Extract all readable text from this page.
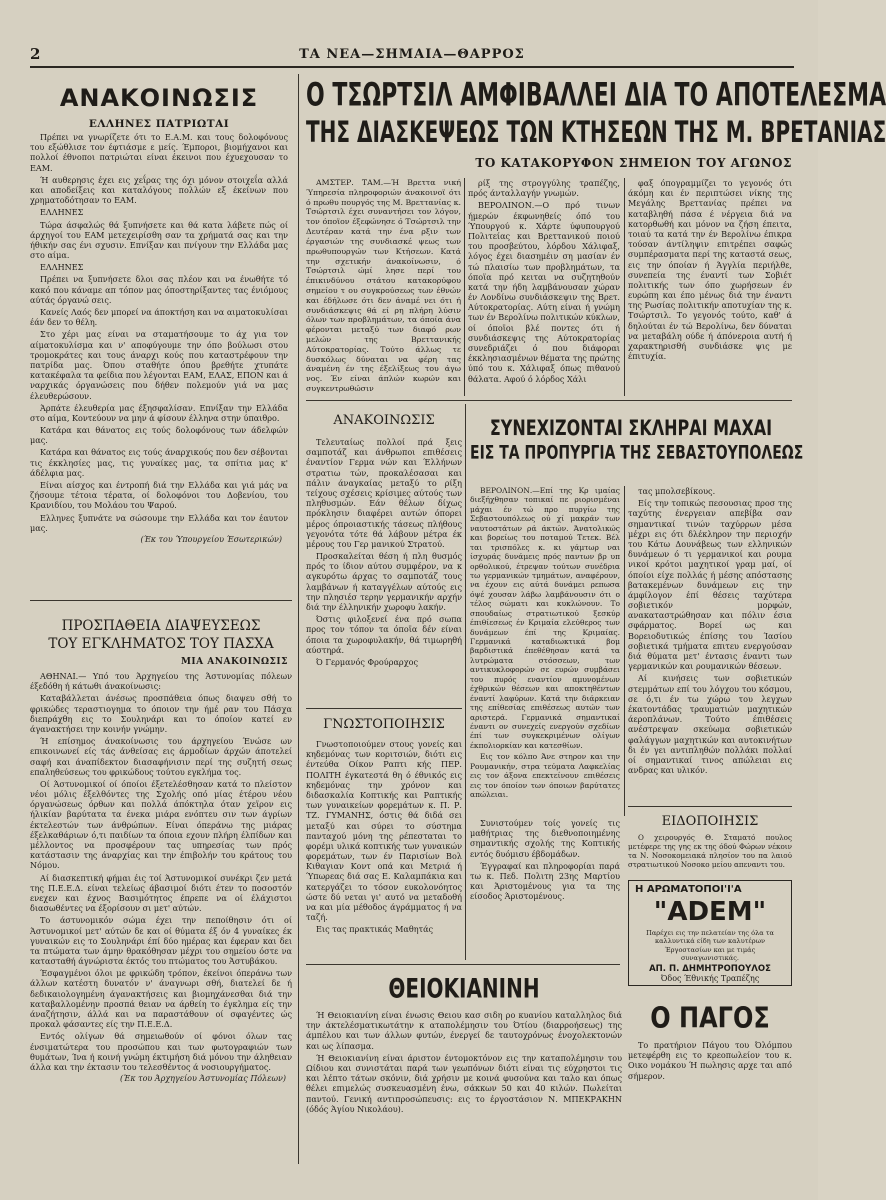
2	ΤΑ ΝΕΑ—ΣΗΜΑΙΑ—ΘΑΡΡΟΣ
ΑΝΑΚΟΙΝΩΣΙΣ
ΕΛΛΗΝΕΣ ΠΑΤΡΙΩΤΑΙ

Πρέπει να γνωρίζετε ότι το Ε.Α.Μ. και τους δολοφόνους του εξώθλισε τον έφτιάσμε ε μείς. Έμποροι, βιομήχανοι και πολλοί έθνοποι πατριώται είναι έκεινοι που έχυεχουσαν το ΕΑΜ.

Ή αυθερησις έχει εις χεΐρας της όχι μόνον στοιχεΐα αλλά και αποδείξεις και καταλόγους πολλών εξ έκείνων που χρηματοδότησαν το ΕΑΜ.

ΕΛΛΗΝΕΣ

Τώρα άσφαλώς θά ξυπνήσετε και θά κατα λάβετε πώς οί άρχηγοί του ΕΑΜ μετεχειρίσθη σαν τα χρήματά σας και την ήθικήν σας ένι σχυσιν. Επνίξαν και πνίγουν την Ελλάδα μας στο αίμα.

ΕΛΛΗΝΕΣ

Πρέπει να ξυπνήσετε δλοι σας πλέον και να ένωθήτε τό κακό που κάναμε απ τόπον μας όποστηρίξαντες τας ένιόμους αύτάς όργανώ σεις.

Κανείς Λαός δεν μπορεί να άποκτήση και να αιματοκυλίσαι έάν δεν το θέλη.

Στο χέρι μας είναι να σταματήσουμε το άχ για τον αίματοκυλίσμα και ν' αποφύγουμε την όπο βούλωσι στου τρομοκράτες και τους άναρχι κούς που καταστρέφουν την πατρίδα μας. Όπου σταθήτε όπου βρεθήτε χτυπάτε κατακέφαλα τα φείδια που λέγονται ΕΑΜ, ΕΛΑΣ, ΕΠΟΝ και ά ναρχικάς όργανώσεις που δήθεν πολεμούν γιά να μας έλευθερώσουν.

Άρπάτε έλευθερία μας έξησφαλίσαν. Επνίξαν την Ελλάδα στο αίμα, Κοντεύουν να μην ά φίσουν έλληνα στην ύπαιθρο.

Κατάρα και θάνατος εις τούς δολοφόνους των άδελφών μας.

Κατάρα και θάνατος εις τούς άναρχικούς που δεν σέβονται τις έκκλησίες μας, τις γυναίκες μας, τα σπίτια μας κ' άδέλφια μας.

Είναι αίσχος και έντροπή διά την Ελλάδα και γιά μάς να ζήσουμε τέτοια τέρατα, οί δολοφόνοι του Δοβενίου, του Κρανιδίου, του Μολάου του Ψαρού.

Ελληνες ξυπνάτε να σώσουμε την Ελλάδα και τον έαυτον μας.

(Έκ του Ύπουργείου Έσωτερικών)
ΠΡΟΣΠΑΘΕΙΑ ΔΙΑΨΕΥΣΕΩΣ
ΤΟΥ ΕΓΚΛΗΜΑΤΟΣ ΤΟΥ ΠΑΣΧΑ
ΜΙΑ ΑΝΑΚΟΙΝΩΣΙΣ

ΑΘΗΝΑΙ.— Υπό του Άρχηγείου της Άστυνομίας πόλεων έξεδόθη ή κάτωθι άνακοίνωσις:

Καταβάλλεται άνέσως προσπάθεια όπως διαψευ σθή το φρικώδες τεραστιογημα το όποιον την ήμέ ραν του Πάσχα διεπράχθη εις το Σουληνάρι και το όποίον κατεί εν άγανακτήσει την κοινήν γνώμην.

Ή επίσημος άνακοίνωσις του άρχηγείου Ένώσε ων επικοινωνεί είς τάς άνθείσας εις άρμοδίων άρχών άποτελεί σαφή και άναπίδεκτον διασαφήνισιν περί της συζητή σεως επαληθεύσεως του φρικώδους τούτου εγκλήμα τος.

Οί Άστυνομικοί οί όποίοι έξετελέσθησαν κατά το πλείστον νέοι μόλις έξελθόντες της Σχολής οπό μίας έτέρου νέου όργανώσεως όρθων και πολλά άπόκτηλα όταν χεϊρον εις ήλικίαν βαρύτατα τα ένεκα μιάρα ενόπτευ σιν των άγρίων έκτελεστών των άνθρώπων. Είναι όπεράνω της μιάρας έξελκαθάριων ό,τι παιδίων τα όποια εχουν πλήρη έλπίδων και μέλλοντος να προσφέρουν τας υπηρεσίας των πρός κατάστασιν της άναρχίας και την έπιβολήν του κράτους του Νόμου.

Αί διασκεπτική φήμαι έις τοί Άστυνομικοί συνέκρι ζεν μετά της Π.Ε.Ε.Δ. είναι τελείως άβασιμοί διότι έτεν το ποσοστόν ενεχεν και έχνος Βασιμότητος έπρεπε να οί έλάχιστοι διασωθέντες να έξορίσουν σι μετ' αύτών.

Το άστυνομικόν σώμα έχει την πεποίθησιν ότι οί Άστυνομικοί μετ' αύτών δε και οί θύματα έξ όν 4 γυναίκες έκ γυναικών εις το Σουληνάρι έπί δύο ημέρας και έφεραν και δει τα πτώματα των άμην θρακόθησαν μέχρι του σημείου όστε να κατασταθή άγνώριστα έκτός του πτώματος του Άστυβάκου.

Έσφαγμένοι όλοι με φρικώδη τρόπον, έκείνοι όπεράνω των άλλων κατέστη δυνατόν ν' άναγνωρι σθή, διατελεί δε ή δεδικαιολογημένη άγανακτήσεις και βιομηχάνεσθαι διά την καταβαλλομένην προσπά θειαν να άρθείη το έγκλημα είς την άναζήτησιν, άλλά και να παραστάθουν οί σφαγέντες ώς προκαλ φάσαντες είς την Π.Ε.Ε.Δ.

Εντός ολίγων θά σημειωθούν οί φόνοι όλων τας ένσιματώτερα του προσώπου και των φωτογραφιών των θυμάτων, Ίνα ή κοινή γνώμη έκτιμήση διά μόνου την άληθειαν άλλα και την έκτασιν του τελεσθέντος ά νοσιουργήματος.

(Έκ του Άρχηγείου Άστυνομίας Πόλεων)
Ο ΤΣΩΡΤΣΙΛ ΑΜΦΙΒΑΛΛΕΙ ΔΙΑ ΤΟ ΑΠΟΤΕΛΕΣΜΑ
ΤΗΣ ΔΙΑΣΚΕΨΕΩΣ ΤΩΝ ΚΤΗΣΕΩΝ ΤΗΣ Μ. ΒΡΕΤΑΝΙΑΣ
ΤΟ ΚΑΤΑΚΟΡΥΦΟΝ ΣΗΜΕΙΟΝ ΤΟΥ ΑΓΩΝΟΣ

ΑΜΣΤΕΡ. ΤΑΜ.—Ή Βρεττα νική Ύπηρεσία πληροφοριών άνακοινοϊ ότι ό πρωθυ πουργός της Μ. Βρεττανίας κ. Τσώρτσιλ έχει συναντήσει τον λόγον, τον όποϊον έξεφώνησε ό Τσώρτσιλ την Δευτέραν κατά την ένα ρξιν των έργασιών της συνδιασκέ ψεως των πρωθυπουργών των Κτήσεων. Κατά την σχετικήν άνακοίνωσιν, ό Τσώρτσιλ ώμί λησε περί του έπικινδύνου στάτου κατακορύφου σημείου τ ου συγκρούσεως των έθνών και έδήλωσε ότι δεν άναμέ νει ότι ή συνδιάσκεψις θά εί ρη πλήρη λύσιν όλων των προβλημάτων, τα όποία άνα φέρονται μεταξύ των διαφό ρων μελών της Βρεττανικής Αύτοκρατορίας. Τούτο άλλως τε δυσκόλως δύναται να φέρη τας άναμένη έν της έξελίξεως του άγω νος. Έν είναι άπλών κωρών και συγκεντρωθώσιν

ρίξ της στρογγύλης τραπέζης, πρός άνταλλαγήν γνωμών.

ΒΕΡΟΛΙΝΟΝ.—Ο πρό τινων ήμερών έκφωνηθείς όπό του Ύπουργού κ. Χάρτε ύφυπουργού Πολιτείας και Βρεττανικού ποιού του προσβεύτου, λόρδου Χάλιφαξ, λόγος έχει διασημέιν ση μασίαν έν τώ πλαισίω των προβλημάτων, τα όποϊα πρό κειται να συζητηθούν κατά την ήδη λαμβάνουσαν χώραν έν Λονδίνω συνδιάσκεψιν της Βρετ. Αύτοκρατορίας. Αύτη είναι ή γνώμη των έν Βερολίνω πολιτικών κύκλων, οί όποϊοι βλέ ποντες ότι ή συνδιάσκεψις της Αύτοκρατορίας συνεδριάζει ό που διάφοραι έκκλησιασμένων θέματα της πρώτης ύπό του κ. Χάλιφαξ όπως πιθανού θάλατα. Αφού ό λόρδος Χάλι

φαξ όπογραμμίζει το γεγονός ότι άκόμη και έν περιπτώσει νίκης της Μεγάλης Βρεττανίας πρέπει να καταβληθή πάσα έ νέργεια διά να κατορθωθή και μόνον να ζήση έπειτα, τοιαύ τα κατά την έν Βερολίνω έπικρα τούσαν άντίληψιν επιτρέπει σαφώς συμπέρασματα περί της καταστά σεως, εις την όποίαν ή Άγγλία περιήλθε, συνεπεία της έναντί των Σοβιέτ πολιτικής των όπο χωρήσεων έν ευρώπη και έπο μένως διά την έναντι της Ρωσίας πολιτικήν αποτυχίαν της κ. Τσώρτσιλ. Το γεγονός τούτο, καθ' ά δηλούται έν τώ Βερολίνω, δεν δύναται να μεταβάλη ούδε ή άπόνεροια αυτή ή χαρακτηρισθή συνδιάσκε ψις με έπιτυχία.

ΑΝΑΚΟΙΝΩΣΙΣ

Τελευταίως πολλοί πρά ξεις σαμποτάζ και άνθρωποι επιθέσεις έναντίον Γερμα νών και Έλλήνων στρατιω τών, προκαλέσασαι και πάλιν άναγκαίας μεταξύ το ρίξη τείχους σχέσεις κρίσιμες αύτούς των πληθυσμών. Εάν θέλων δίχως πρόκλησιν διαφέρει αυτών όπορει μέρος όπροιαστικής τάσεως πλήθους γεγονότα τότε θά λάβουν μέτρα έκ μέρους του Γερ μανικού Στρατού.

Προσκαλείται θέση ή πλη θυσμός πρός το ίδιον αύτου συμφέρον, να κ αγκυρότω άρχας το σαμποτάζ τους λαμβάνων ή καταγγέλων αύτούς εις την πλησιέσ τερην γερμανικήν αρχήν διά την έλληνικήν χωροφυ λακήν.

Όστις φιλοξενεί ένα πρό σωπα προς τον τόπον τα όποϊα δέν είναι όποια τα χωροφυλακήν, θά τιμωρηθή αύστηρά.

Ό Γερμανός Φρούραρχος

ΓΝΩΣΤΟΠΟΙΗΣΙΣ

Γνωστοποιούμεν στους γονείς και κηδεμόνας των κοριτσιών, διότι εις έντεύθα Οίκον Ραπτι κής ΠΕΡ. ΠΟΛΙΤΗ έγκατεστά θη ό έθνικός εις κηδεμόνας την χρόνον και διδασκαλία Κοπτικής και Ραπτικής των γυναικείων φορεμάτων κ. Π. Ρ. ΤΖ. ΓΥΜΑΝΗΣ, όστις θά διδά σει μεταξύ και σύρει το σύστημα πανταχού μόνη της ρέπεσταται το φορέμι υλικά κοπτικής των γυναικών φορεμάτων, των έν Παρισίων Βολ Κιθαγιαν Κοντ οπά και Μετριά ή Ύπωρεας διά σας Ε. Καλαμπάκια και κατεργάζει το τόσον ευκολονόητος ώστε δύ νεται γι' αυτό να μεταδοθή να και μία μέθοδος άγράμματος ή να ταζή.

Εις τας πρακτικάς Μαθητάς

ΣΥΝΕΧΙΖΟΝΤΑΙ ΣΚΛΗΡΑΙ ΜΑΧΑΙ
ΕΙΣ ΤΑ ΠΡΟΠΥΡΓΙΑ ΤΗΣ ΣΕΒΑΣΤΟΥΠΟΛΕΩΣ

ΒΕΡΟΛΙΝΟΝ.—Επί της Κρ ιμαίας διεξήχθησαν τοπικαί πε ριορισμέναι μάχαι έν τώ προ πυργίω της Σεβαστουπόλεως ού χί μακράν των ναυτοστάτων ρά άκτών. Άνατολικώς και βορείως του ποταμού Τετεκ. Βέλ ται τρισπόλες κ. κι γάμτωρ ναι ίσχυράς δυνάμεις πρός παντων βρ υπ ορθολικού, έτρεψαν τούτων συνέδρια τω γερμανικών τμημάτων, αναφέρουν, να έχουν εις αύτά δυνάμει ρεπωσα όψέ χουσαν λάβω λαμβάνουσιν ότι ο τέλος σώματι και κυκλώνουν. Το σπουδαίως στρατιωτικού ξεσκύρ έπιθίεσεως έν Κριμαία ελεύθερος των δυνάμεων έπί της Κριμαίας. Γερμανικά καταδιωκτικά βομ βαρδιστικά έπεθέθησαν κατά τα λυτρώματα στόσσεων, των αντικυκλοφορών σε ευρών συμβάσει του πυρός εναντίον αμυνομένων έχθρικών θέσεων και αποκτηθέντων έναντί λαφύρων. Κατά την διάρκειαν της επίθεσίας επιθέσεως αυτών των αριστερά. Γερμανικά σημαντικαί έναντι ον συνεχείς ενεργούν σχεδίων έπί των συγκεκριμένων ολίγων έκπολιορκίαν και κατεσθίων.

Εις τον κόλπο Άνε στηρον και την Ρουμανικήν, στρα τεύματα Λαφκελίας εις τον άξονα επεκτείνουν επιθέσεις εις τον όποίον των όποιων βαρύτατες απώλειαι.

τας μπολσεβίκους.

Είς την τοπικώς πεσουσιας προσ της ταχύτης ένεργειαν απεβίβα σαν σημαντικαί τινών ταχύρρων μέσα μέχρι εις ότι δλέκληρον την περιοχήν του Κάτω Δουνάβεως των ελληνικών δυνάμεων ό τι γερμανικοί και ρουμα νικοί κρότοι μαχητικοί γραμ μαί, οί όποίοι είχε πολλάς ή μέσης απόστασης βατακεμένων δυνάμεων εις την άμφίλογον έπί θέσεις ταχύτερα σοβιετικόν μορφών, ανακαταστρώθησαν και πόλιν έσια σφάρματος. Βορεί ως και Βορειοδυτικώς έπίσης του Ίασίου σοβιετικά τμήματα επιτευ ενεργούσαν διά θύματα μετ' έντασις έναντι των γερμανικών και ρουμανικών θέσεων.

Αί κινήσεις των σοβιετικών στεμμάτων επί του λόγχου του κόσμου, σε ό,τι έν τω χώρω του λεγχων έκατοντάδας τραυματιών μαχητικών άεροπλάνων. Τούτο έπιθέσεις ανέστρεψαν σκεύωμα σοβιετικών φαλάγγων μαχητικών και αυτοκινήτων δι έν γει αντιπληθών πολλάκι πολλαί οί σημαντικαί τινος απώλειαι εις ανδρας και υλικόν.

Συνιστούμεν τοίς γονείς τις μαθήτριας της διεθνοποιημένης σημαντικής σχολής της Κοπτικής εντός δυόμισυ έβδομάδων.

Έγγραφαί και πληροφορίαι παρά τω κ. Πεδ. Πολιτη 23ης Μαρτίου και Άριστομένους για τα της είσοδος Άριστομένους.

ΕΙΔΟΠΟΙΗΣΙΣ

Ο χειρουργός Θ. Σταματό πουλος μετέφερε της γης εκ της όδού Φώρων νέκοιν τα Ν. Νοσοκομειακά πλησίον του πα λαιού στρατιωτικού Νοσοκο μείου απεναντι του.

Η ΑΡΩΜΑΤΟΠΟΙ'Ι'Α
"ADEM"

Παρέχει εις την πελατείαν της όλα τα καλλυντικά είδη των καλυτέρων Έργοστασίων και με τιμάς συναγωνιστικάς.

ΑΠ. Π. ΔΗΜΗΤΡΟΠΟΥΛΟΣ
Όδος Έθνικής Τραπέζης
Ο ΠΑΓΟΣ

Το πρατήριον Πάγου του Όλόμπου μετεφέρθη εις το κρεοπωλείον του κ. Οικο νομάκου Ή πωλησις αρχε ται από σήμερον.

ΘΕΙΟΚΙΑΝΙΝΗ

Ή Θειοκιανίνη είναι ένωσις Θειου κασ σιδη ρο κυανίου καταλληλος διά την άκτελέσματικωτάτην κ αταπολέμησιν του Ότίου (διαρροήσεως) της άμπέλου και των άλλων φυτών, ένεργεί δε ταυτοχρόνως ένοχολεκτονών και ως λίπασμα.

Ή Θειοκιανίνη είναι άριστον έντομοκτόνον εις την καταπολέμησιν του Ωίδιου και συνιστάται παρά των γεωπόνων διότι είναι τις εύχρηστοι τις και λέπτο τάτων σκόνιν, διά χρήσιν με κοινά φυσούνα και ταλο και όπως θέλει επιμελώς συσκευασμένη ένω, σάκκων 50 και 40 κιλών. Πωλείται παντού. Γενική αντιπροσώπευσις: εις το έργοστάσιον Ν. ΜΠΕΚΡΑΚΗΝ (όδός Άγίου Νικολάου).
